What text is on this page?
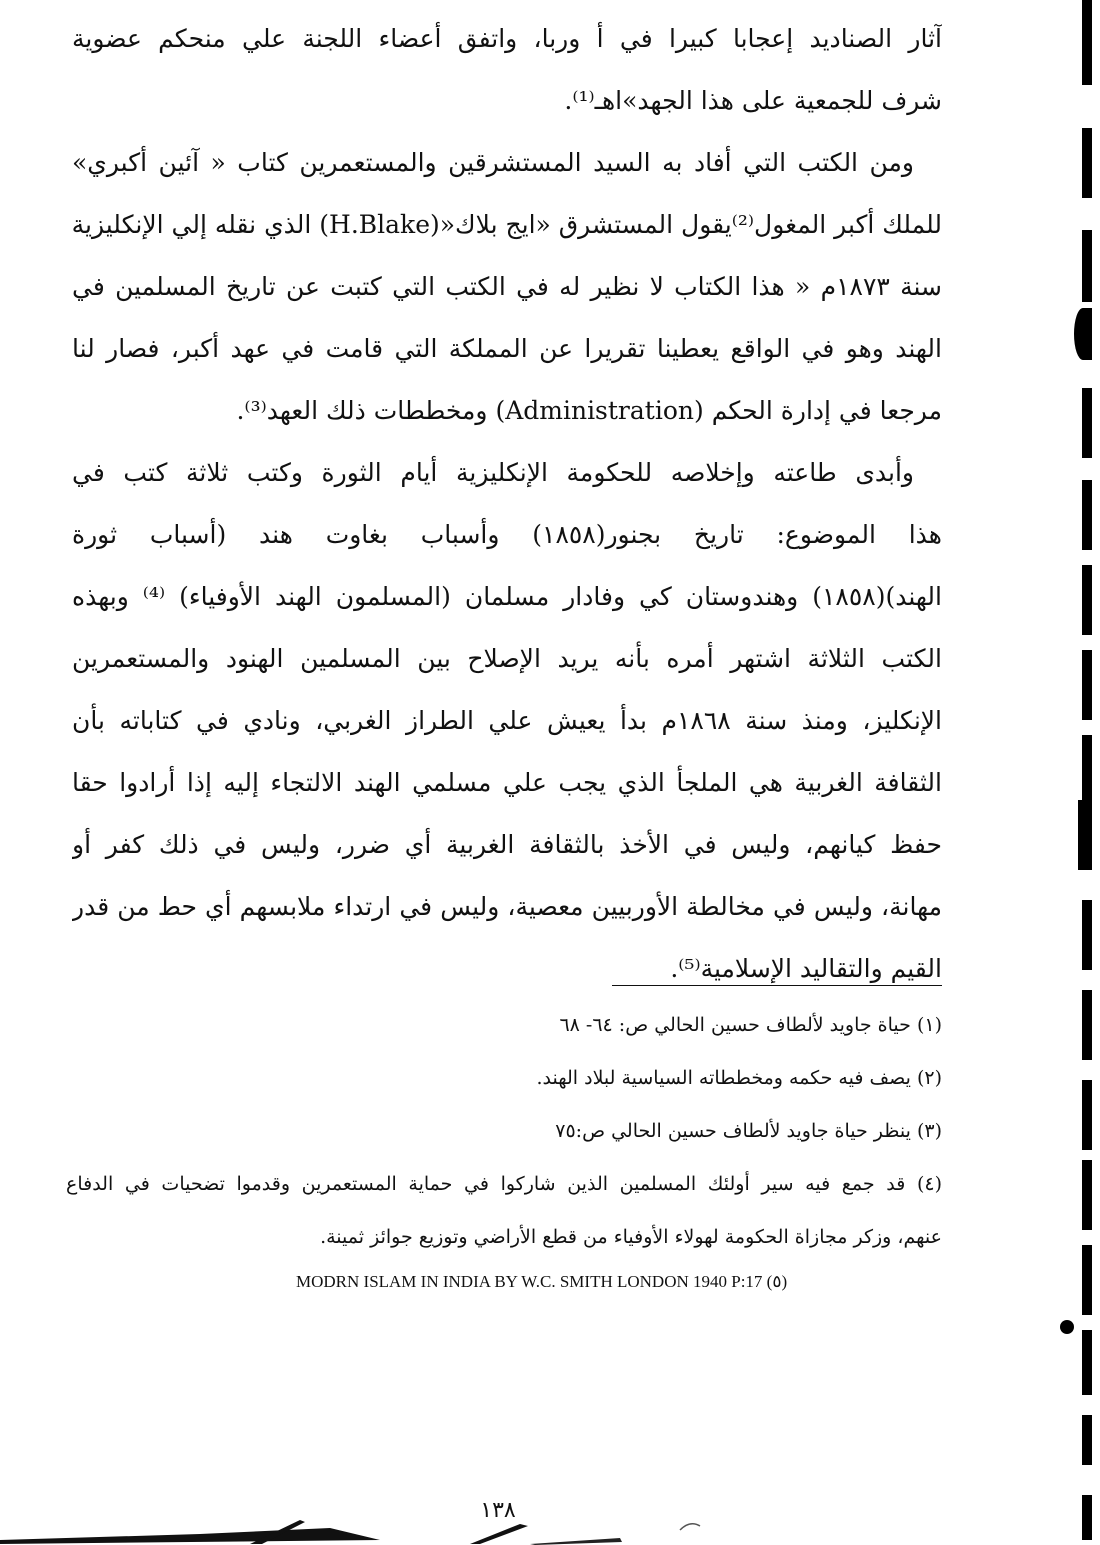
آثار الصناديد إعجابا كبيرا في أ وربا، واتفق أعضاء اللجنة علي منحكم عضوية
شرف للجمعية على هذا الجهد»اهـ⁽¹⁾.
ومن الكتب التي أفاد به السيد المستشرقين والمستعمرين كتاب « آئين أكبري»
للملك أكبر المغول⁽²⁾يقول المستشرق «ايج بلاك«(H.Blake) الذي نقله إلي الإنكليزية
سنة ١٨٧٣م « هذا الكتاب لا نظير له في الكتب التي كتبت عن تاريخ المسلمين في
الهند وهو في الواقع يعطينا تقريرا عن المملكة التي قامت في عهد أكبر، فصار لنا
مرجعا في إدارة الحكم (Administration) ومخططات ذلك العهد⁽³⁾.
وأبدى طاعته وإخلاصه للحكومة الإنكليزية أيام الثورة وكتب ثلاثة كتب في
هذا الموضوع: تاريخ بجنور(١٨٥٨) وأسباب بغاوت هند (أسباب ثورة
الهند)(١٨٥٨) وهندوستان كي وفادار مسلمان (المسلمون الهند الأوفياء) ⁽⁴⁾ وبهذه
الكتب الثلاثة اشتهر أمره بأنه يريد الإصلاح بين المسلمين الهنود والمستعمرين
الإنكليز، ومنذ سنة ١٨٦٨م بدأ يعيش علي الطراز الغربي، ونادي في كتاباته بأن
الثقافة الغربية هي الملجأ الذي يجب علي مسلمي الهند الالتجاء إليه إذا أرادوا حقا
حفظ كيانهم، وليس في الأخذ بالثقافة الغربية أي ضرر، وليس في ذلك كفر أو
مهانة، وليس في مخالطة الأوربيين معصية، وليس في ارتداء ملابسهم أي حط من قدر
القيم والتقاليد الإسلامية⁽⁵⁾.
(١) حياة جاويد لألطاف حسين الحالي ص: ٦٤- ٦٨
(٢) يصف فيه حكمه ومخططاته السياسية لبلاد الهند.
(٣) ينظر حياة جاويد لألطاف حسين الحالي ص:٧٥
(٤) قد جمع فيه سير أولئك المسلمين الذين شاركوا في حماية المستعمرين وقدموا تضحيات في الدفاع
عنهم، وزكر مجازاة الحكومة لهولاء الأوفياء من قطع الأراضي وتوزيع جوائز ثمينة.
MODRN ISLAM IN INDIA BY W.C. SMITH LONDON 1940 P:17 (٥)
١٣٨
